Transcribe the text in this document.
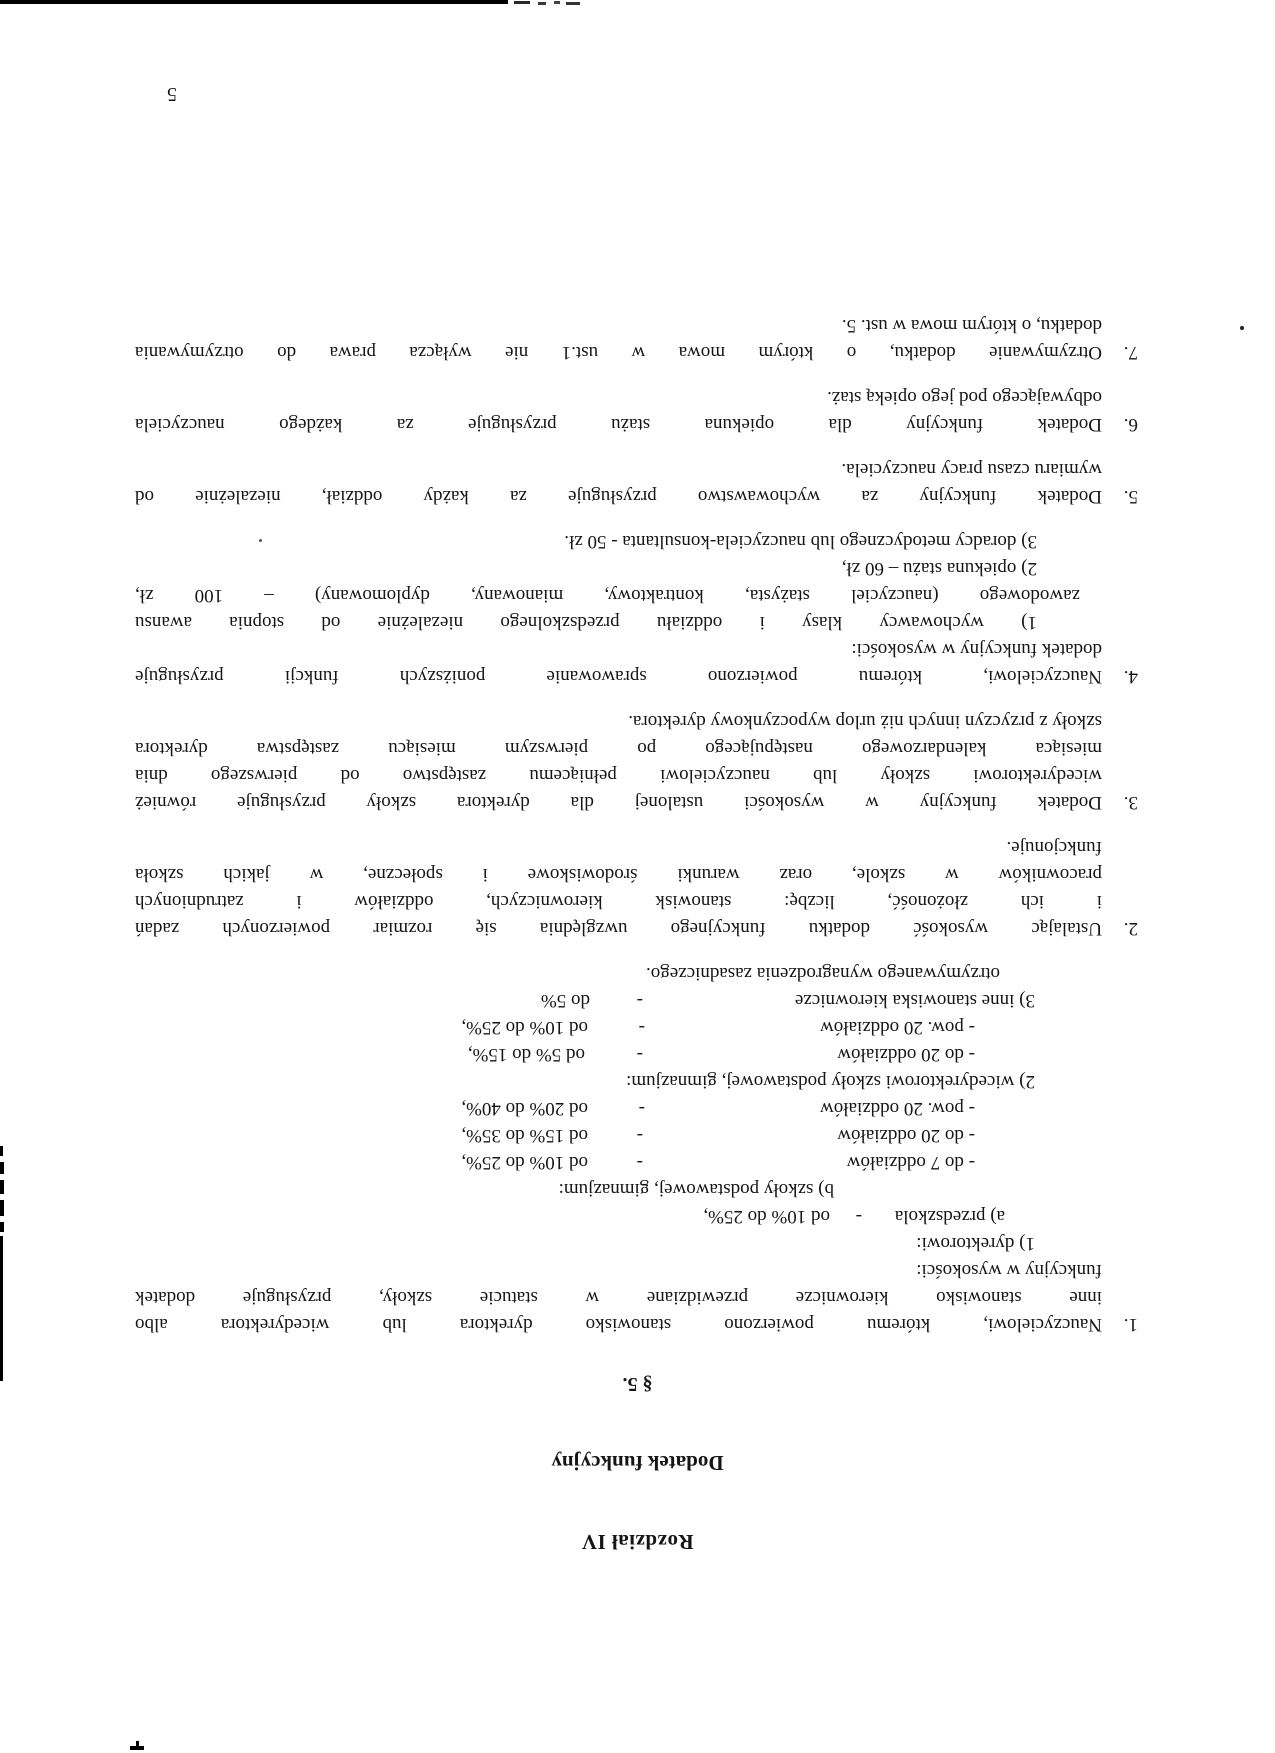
Rozdział IV
Dodatek funkcyjny
§ 5.
1.
Nauczycielowi, któremu powierzono stanowisko dyrektora lub wicedyrektora albo
inne stanowisko kierownicze przewidziane w statucie szkoły, przysługuje dodatek
funkcyjny w wysokości:
1) dyrektorowi:
a) przedszkola
-
od 10% do 25%,
b) szkoły podstawowej, gimnazjum:
- do 7 oddziałów
-
od 10% do 25%,
- do 20 oddziałów
-
od 15% do 35%,
- pow. 20 oddziałów
-
od 20% do 40%,
2) wicedyrektorowi szkoły podstawowej, gimnazjum:
- do 20 oddziałów
-
od 5% do 15%,
- pow. 20 oddziałów
-
od 10% do 25%,
3) inne stanowiska kierownicze
-
do 5%
otrzymywanego wynagrodzenia zasadniczego.
2.
Ustalając wysokość dodatku funkcyjnego uwzględnia się rozmiar powierzonych zadań
i ich złożoność, liczbę: stanowisk kierowniczych, oddziałów i zatrudnionych
pracowników w szkole, oraz warunki środowiskowe i społeczne, w jakich szkoła
funkcjonuje.
3.
Dodatek funkcyjny w wysokości ustalonej dla dyrektora szkoły przysługuje również
wicedyrektorowi szkoły lub nauczycielowi pełniącemu zastępstwo od pierwszego dnia
miesiąca kalendarzowego następującego po pierwszym miesiącu zastępstwa dyrektora
szkoły z przyczyn innych niż urlop wypoczynkowy dyrektora.
4.
Nauczycielowi, któremu powierzono sprawowanie poniższych funkcji przysługuje
dodatek funkcyjny w wysokości:
1) wychowawcy klasy i oddziału przedszkolnego niezależnie od stopnia awansu
zawodowego (nauczyciel stażysta, kontraktowy, mianowany, dyplomowany) – 100 zł,
2) opiekuna stażu – 60 zł,
3) doradcy metodycznego lub nauczyciela-konsultanta - 50 zł.
5.
Dodatek funkcyjny za wychowawstwo przysługuje za każdy oddział, niezależnie od
wymiaru czasu pracy nauczyciela.
6.
Dodatek funkcyjny dla opiekuna stażu przysługuje za każdego nauczyciela
odbywającego pod jego opieką staż.
7.
Otrzymywanie dodatku, o którym mowa w ust.1 nie wyłącza prawa do otrzymywania
dodatku, o którym mowa w ust. 5.
5
